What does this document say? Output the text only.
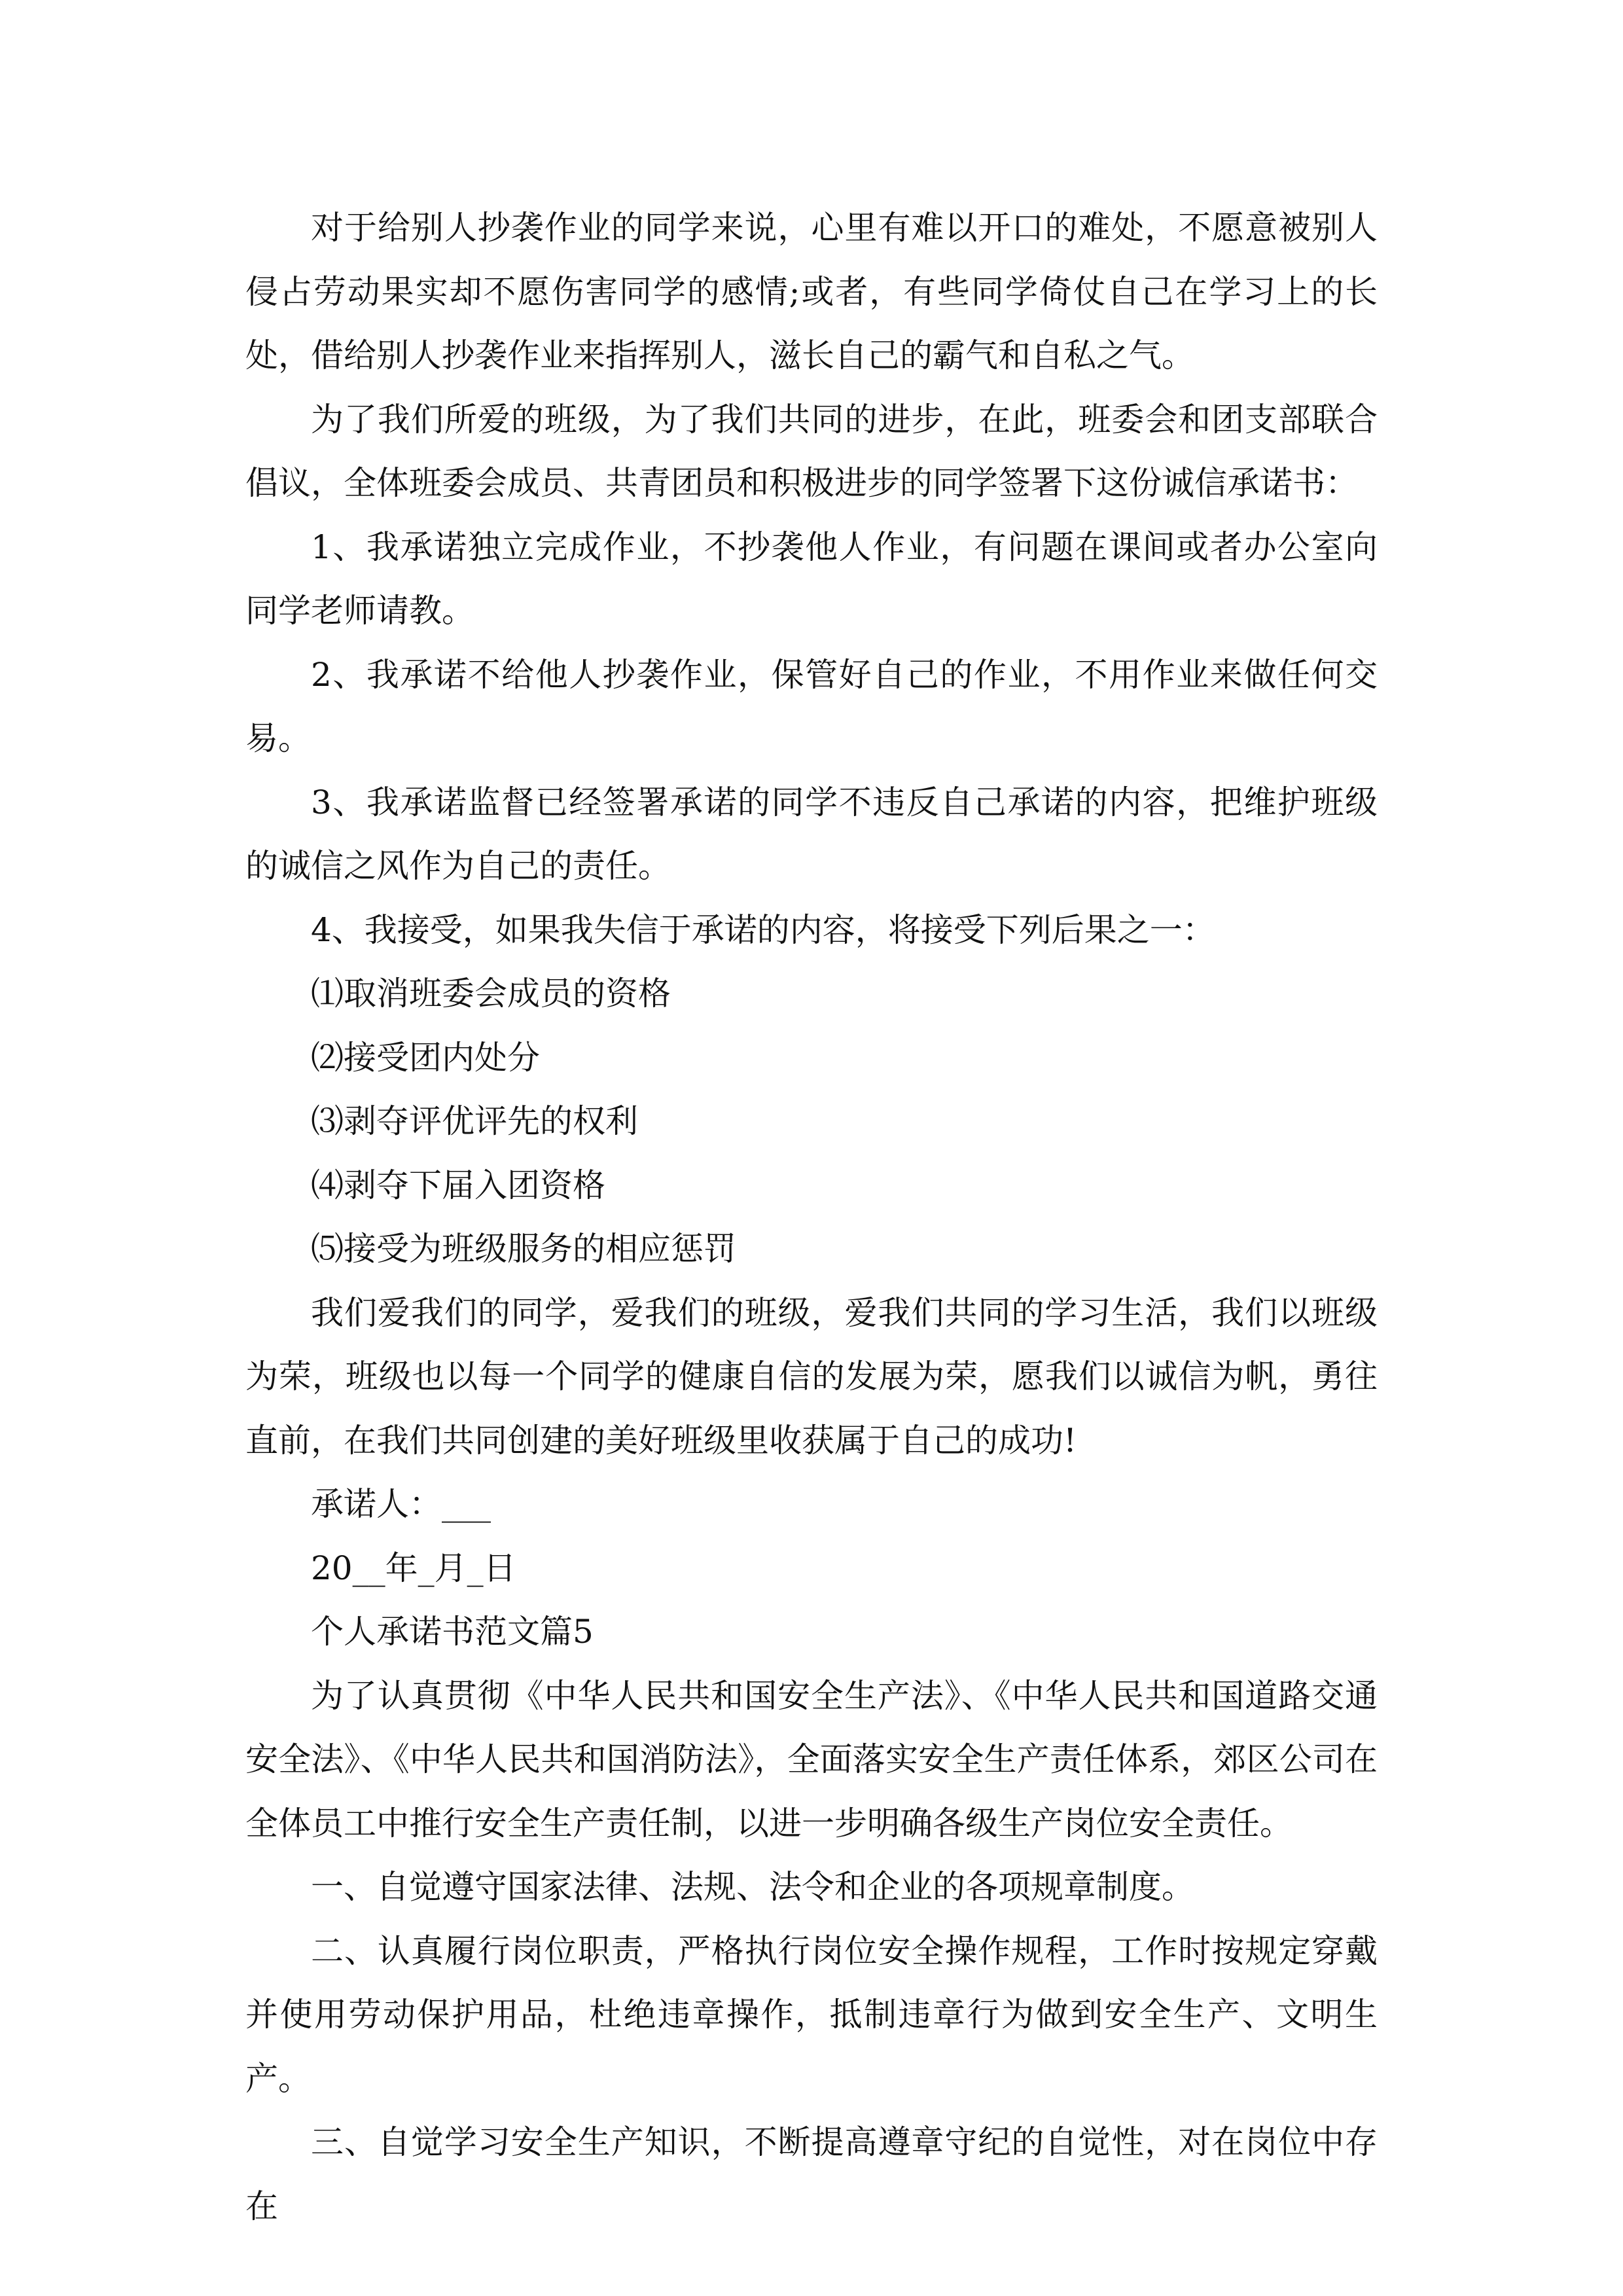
对于给别人抄袭作业的同学来说，心里有难以开口的难处，不愿意被别人侵占劳动果实却不愿伤害同学的感情;或者，有些同学倚仗自己在学习上的长处，借给别人抄袭作业来指挥别人，滋长自己的霸气和自私之气。

为了我们所爱的班级，为了我们共同的进步，在此，班委会和团支部联合倡议，全体班委会成员、共青团员和积极进步的同学签署下这份诚信承诺书：

1、我承诺独立完成作业，不抄袭他人作业，有问题在课间或者办公室向同学老师请教。

2、我承诺不给他人抄袭作业，保管好自己的作业，不用作业来做任何交易。

3、我承诺监督已经签署承诺的同学不违反自己承诺的内容，把维护班级的诚信之风作为自己的责任。

4、我接受，如果我失信于承诺的内容，将接受下列后果之一：

⑴取消班委会成员的资格

⑵接受团内处分

⑶剥夺评优评先的权利

⑷剥夺下届入团资格

⑸接受为班级服务的相应惩罚

我们爱我们的同学，爱我们的班级，爱我们共同的学习生活，我们以班级为荣，班级也以每一个同学的健康自信的发展为荣，愿我们以诚信为帆，勇往直前，在我们共同创建的美好班级里收获属于自己的成功!

承诺人：___

20__年_月_日

个人承诺书范文篇5

为了认真贯彻《中华人民共和国安全生产法》、《中华人民共和国道路交通安全法》、《中华人民共和国消防法》，全面落实安全生产责任体系，郊区公司在全体员工中推行安全生产责任制，以进一步明确各级生产岗位安全责任。

一、自觉遵守国家法律、法规、法令和企业的各项规章制度。

二、认真履行岗位职责，严格执行岗位安全操作规程，工作时按规定穿戴并使用劳动保护用品，杜绝违章操作，抵制违章行为做到安全生产、文明生产。

三、自觉学习安全生产知识，不断提高遵章守纪的自觉性，对在岗位中存在
